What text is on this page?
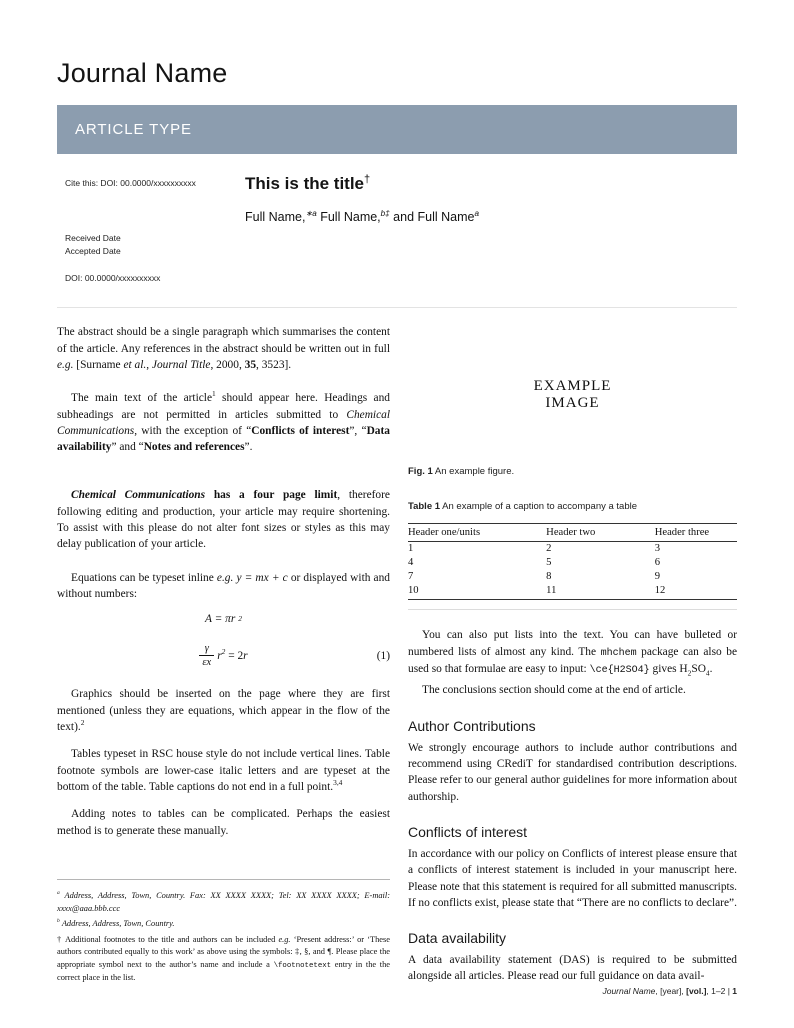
Journal Name
ARTICLE TYPE
Cite this: DOI: 00.0000/xxxxxxxxxx
Received Date
Accepted Date
DOI: 00.0000/xxxxxxxxxx
This is the title†
Full Name,$^{∗a}$ Full Name,$^{b\ddagger}$ and Full Name$^a$

The abstract should be a single paragraph which summarises the content of the article. Any references in the abstract should be written out in full e.g. [Surname et al., Journal Title, 2000, 35, 3523].

The main text of the article$^1$ should appear here. Headings and subheadings are not permitted in articles submitted to Chemical Communications, with the exception of “Conflicts of interest”, “Data availability” and “Notes and references”.

Chemical Communications has a four page limit, therefore following editing and production, your article may require shortening. To assist with this please do not alter font sizes or styles as this may delay publication of your article.

Equations can be typeset inline e.g. y = mx + c or displayed with and without numbers:

A = πr 2
$\frac{\gamma}{\varepsilon x} r^2 = 2r$	(1)

Graphics should be inserted on the page where they are first mentioned (unless they are equations, which appear in the flow of the text).$^2$

Tables typeset in RSC house style do not include vertical lines. Table footnote symbols are lower-case italic letters and are typeset at the bottom of the table. Table captions do not end in a full point.$^{3,4}$

Adding notes to tables can be complicated. Perhaps the easiest method is to generate these manually.

$^a$ Address, Address, Town, Country. Fax: XX XXXX XXXX; Tel: XX XXXX XXXX; E-mail: xxxx@aaa.bbb.ccc

$^b$ Address, Address, Town, Country.

† Additional footnotes to the title and authors can be included e.g. ‘Present address:’ or ‘These authors contributed equally to this work’ as above using the symbols: ‡, §, and ¶. Please place the appropriate symbol next to the author’s name and include a \footnotetext entry in the the correct place in the list.

EXAMPLE
IMAGE

Fig. 1 An example figure.

Table 1 An example of a caption to accompany a table

Header one/units	Header two	Header three
1	2	3
4	5	6
7	8	9
10	11	12

You can also put lists into the text. You can have bulleted or numbered lists of almost any kind. The mhchem package can also be used so that formulae are easy to input: \ce{H2SO4} gives $H_2SO_4$.

The conclusions section should come at the end of article.

Author Contributions

We strongly encourage authors to include author contributions and recommend using CRediT for standardised contribution descriptions. Please refer to our general author guidelines for more information about authorship.

Conflicts of interest

In accordance with our policy on Conflicts of interest please ensure that a conflicts of interest statement is included in your manuscript here. Please note that this statement is required for all submitted manuscripts. If no conflicts exist, please state that “There are no conflicts to declare”.

Data availability

A data availability statement (DAS) is required to be submitted alongside all articles. Please read our full guidance on data avail-

Journal Name, [year], [vol.], 1–2 | 1
